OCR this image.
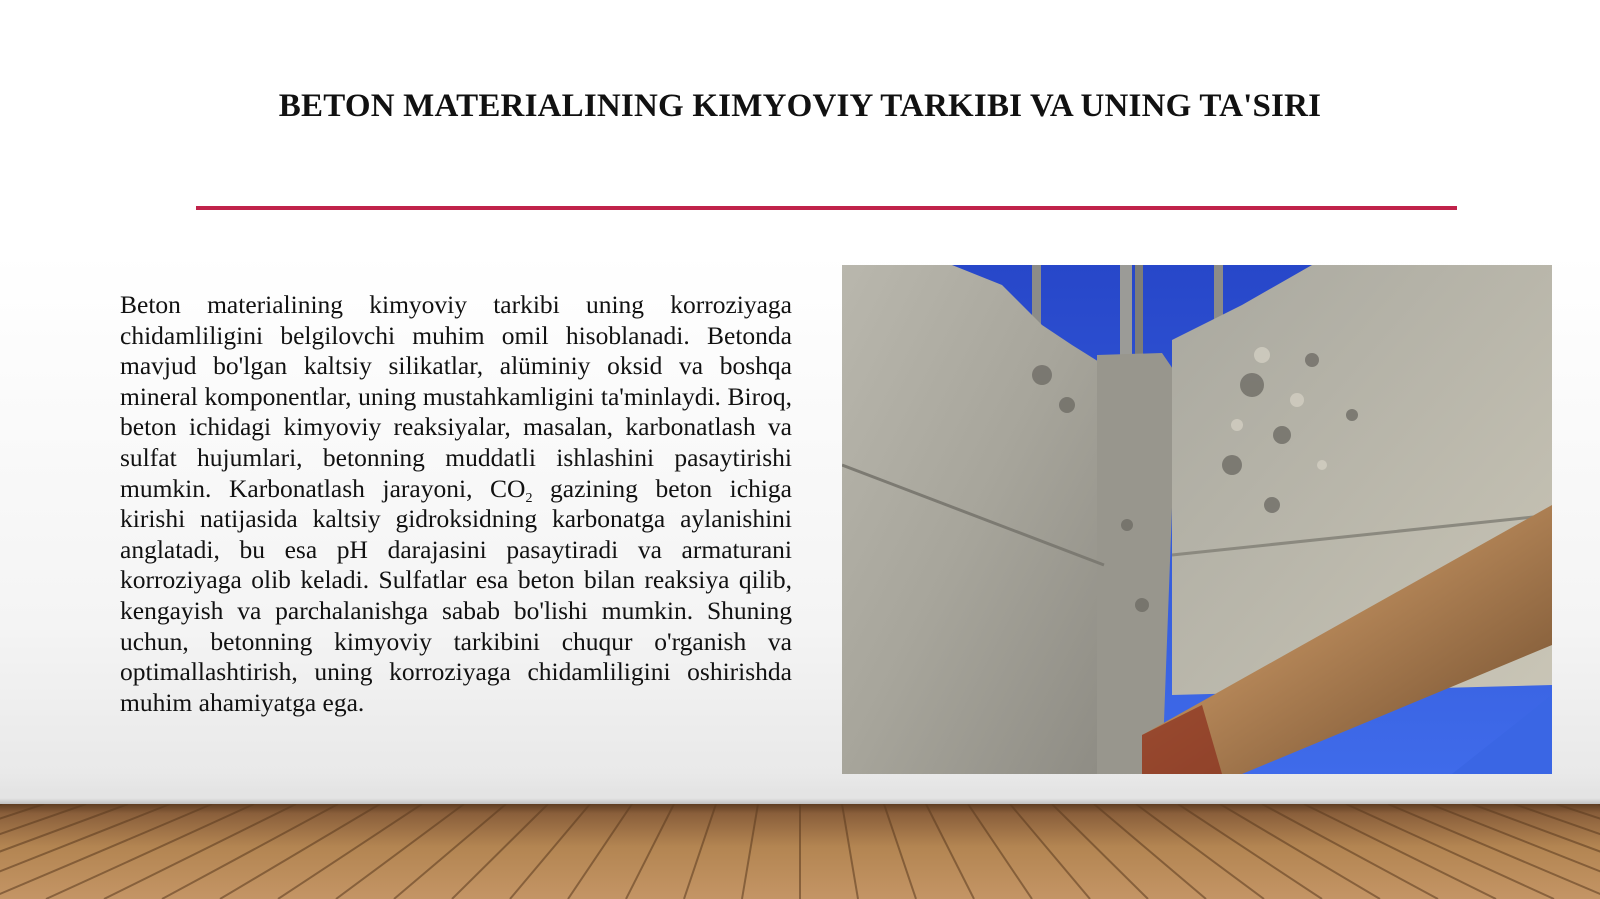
BETON MATERIALINING KIMYOVIY TARKIBI VA UNING TA'SIRI

Beton materialining kimyoviy tarkibi uning korroziyaga chidamliligini belgilovchi muhim omil hisoblanadi. Betonda mavjud bo'lgan kaltsiy silikatlar, alüminiy oksid va boshqa mineral komponentlar, uning mustahkamligini ta'minlaydi. Biroq, beton ichidagi kimyoviy reaksiyalar, masalan, karbonatlash va sulfat hujumlari, betonning muddatli ishlashini pasaytirishi mumkin. Karbonatlash jarayoni, $CO_2$ gazining beton ichiga kirishi natijasida kaltsiy gidroksidning karbonatga aylanishini anglatadi, bu esa pH darajasini pasaytiradi va armaturani korroziyaga olib keladi. Sulfatlar esa beton bilan reaksiya qilib, kengayish va parchalanishga sabab bo'lishi mumkin. Shuning uchun, betonning kimyoviy tarkibini chuqur o'rganish va optimallashtirish, uning korroziyaga chidamliligini oshirishda muhim ahamiyatga ega.
